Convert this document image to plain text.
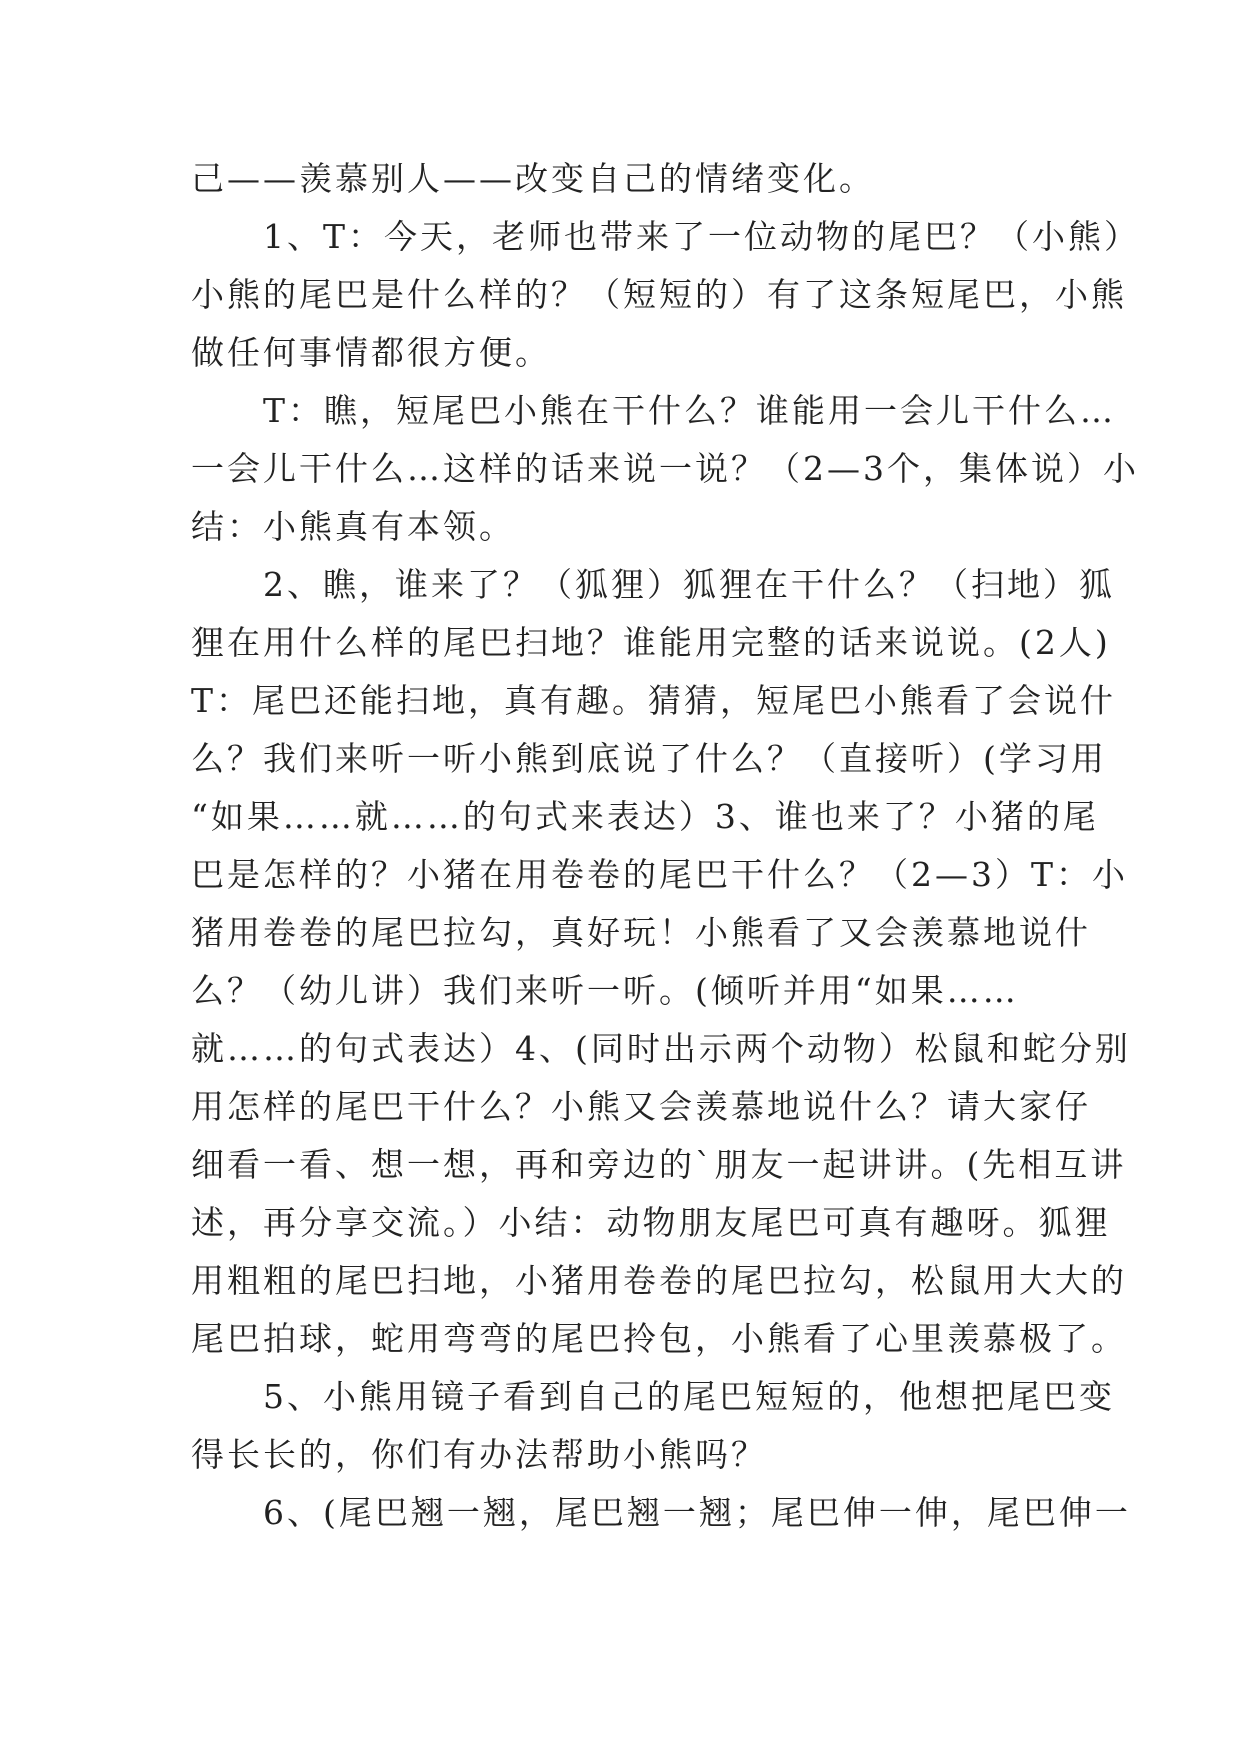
己——羡慕别人——改变自己的情绪变化。
　　1、T：今天，老师也带来了一位动物的尾巴？（小熊）
小熊的尾巴是什么样的？（短短的）有了这条短尾巴，小熊
做任何事情都很方便。
　　T：瞧，短尾巴小熊在干什么？谁能用一会儿干什么…
一会儿干什么…这样的话来说一说？（2—3个，集体说）小
结：小熊真有本领。
　　2、瞧，谁来了？（狐狸）狐狸在干什么？（扫地）狐
狸在用什么样的尾巴扫地？谁能用完整的话来说说。(2人)
T：尾巴还能扫地，真有趣。猜猜，短尾巴小熊看了会说什
么？我们来听一听小熊到底说了什么？（直接听）(学习用
“如果……就……的句式来表达）3、谁也来了？小猪的尾
巴是怎样的？小猪在用卷卷的尾巴干什么？（2—3）T：小
猪用卷卷的尾巴拉勾，真好玩！小熊看了又会羡慕地说什
么？（幼儿讲）我们来听一听。(倾听并用“如果……
就……的句式表达）4、(同时出示两个动物）松鼠和蛇分别
用怎样的尾巴干什么？小熊又会羡慕地说什么？请大家仔
细看一看、想一想，再和旁边的`朋友一起讲讲。(先相互讲
述，再分享交流。）小结：动物朋友尾巴可真有趣呀。狐狸
用粗粗的尾巴扫地，小猪用卷卷的尾巴拉勾，松鼠用大大的
尾巴拍球，蛇用弯弯的尾巴拎包，小熊看了心里羡慕极了。
　　5、小熊用镜子看到自己的尾巴短短的，他想把尾巴变
得长长的，你们有办法帮助小熊吗？
　　6、(尾巴翘一翘，尾巴翘一翘；尾巴伸一伸，尾巴伸一
